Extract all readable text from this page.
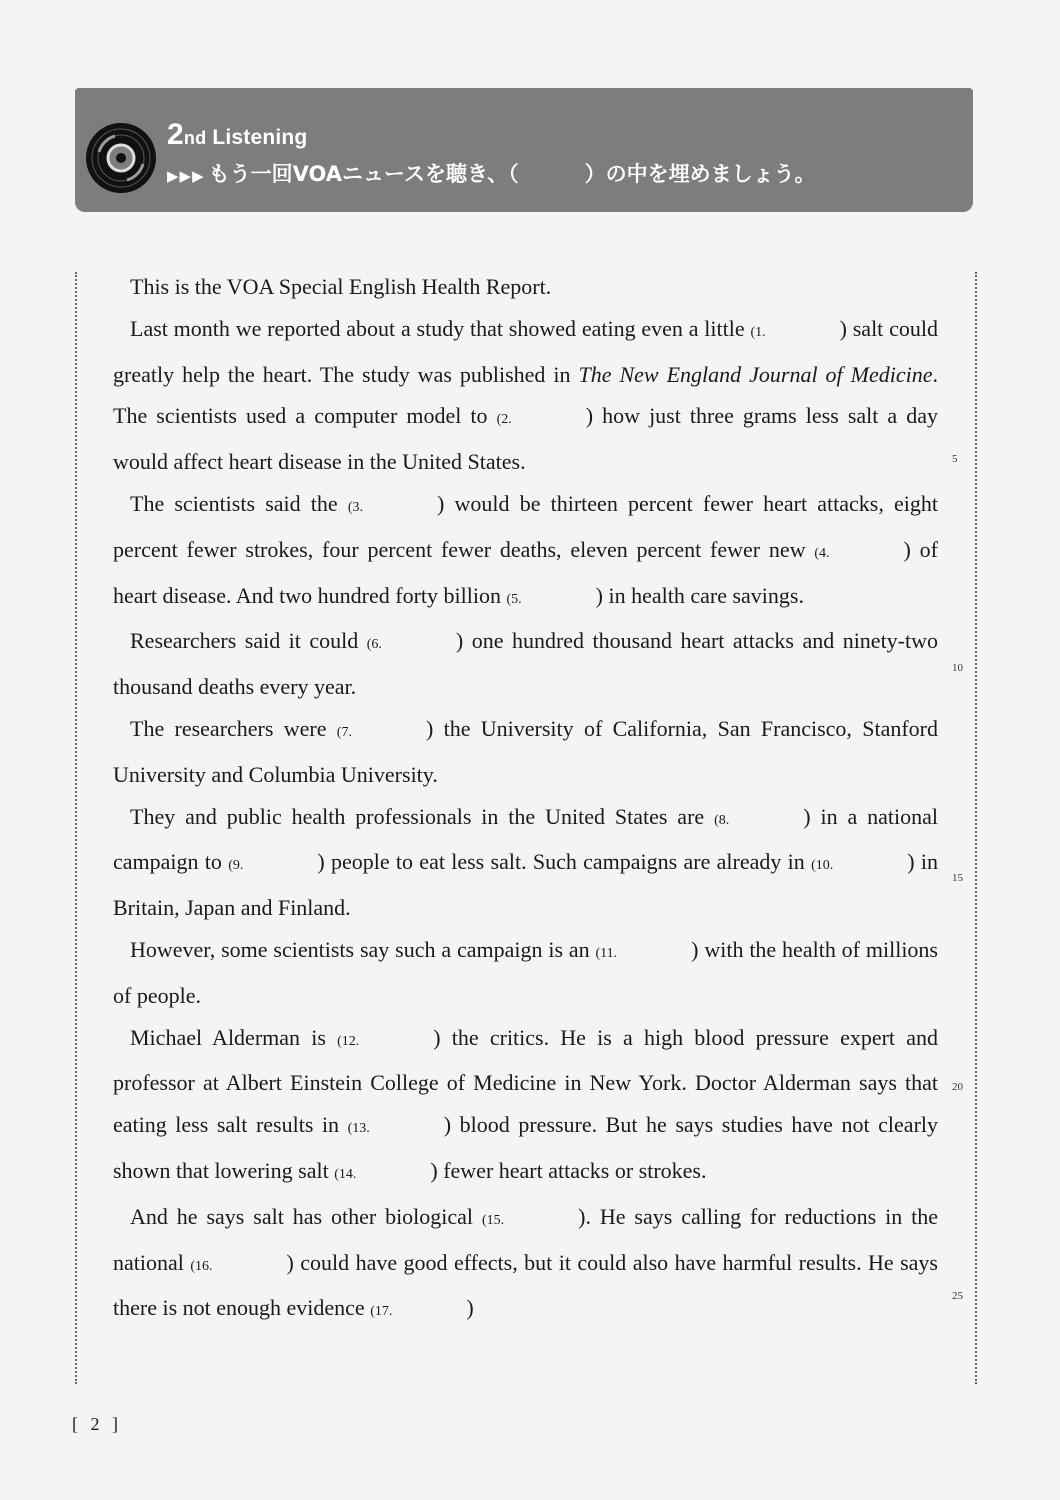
2nd Listening
▶▶▶ もう一回VOAニュースを聴き、（	）の中を埋めましょう。

This is the VOA Special English Health Report.

Last month we reported about a study that showed eating even a little (1.	) salt could greatly help the heart. The study was published in The New England Journal of Medicine. The scientists used a computer model to (2.	) how just three grams less salt a day would affect heart disease in the United States.

The scientists said the (3.	) would be thirteen percent fewer heart attacks, eight percent fewer strokes, four percent fewer deaths, eleven percent fewer new (4.	) of heart disease. And two hundred forty billion (5.	) in health care savings.

Researchers said it could (6.	) one hundred thousand heart attacks and ninety-two thousand deaths every year.

The researchers were (7.	) the University of California, San Francisco, Stanford University and Columbia University.

They and public health professionals in the United States are (8.	) in a national campaign to (9.	) people to eat less salt. Such campaigns are already in (10.	) in Britain, Japan and Finland.

However, some scientists say such a campaign is an (11.	) with the health of millions of people.

Michael Alderman is (12.	) the critics. He is a high blood pressure expert and professor at Albert Einstein College of Medicine in New York. Doctor Alderman says that eating less salt results in (13.	) blood pressure. But he says studies have not clearly shown that lowering salt (14.	) fewer heart attacks or strokes.

And he says salt has other biological (15.	). He says calling for reductions in the national (16.	) could have good effects, but it could also have harmful results. He says there is not enough evidence (17.	)

5
10
15
20
25
[ 2 ]
